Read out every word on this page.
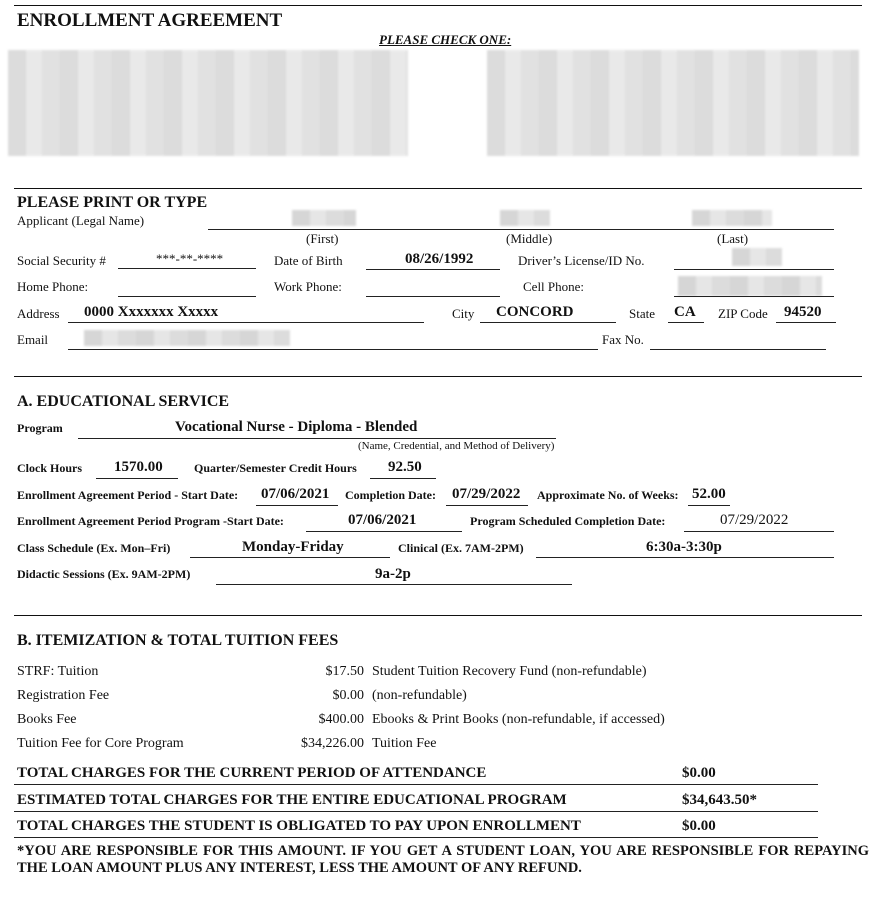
ENROLLMENT AGREEMENT
PLEASE CHECK ONE:
PLEASE PRINT OR TYPE
Applicant (Legal Name)
(First)	(Middle)	(Last)
Social Security #	***-**-****	Date of Birth	08/26/1992	Driver’s License/ID No.
Home Phone:	Work Phone:	Cell Phone:
Address 0000 Xxxxxxx Xxxxx	City CONCORD	State CA ZIP Code 94520
Email	Fax No.
A. EDUCATIONAL SERVICE
Program	Vocational Nurse - Diploma - Blended
(Name, Credential, and Method of Delivery)
Clock Hours 1570.00	Quarter/Semester Credit Hours 92.50
Enrollment Agreement Period - Start Date: 07/06/2021 Completion Date: 07/29/2022 Approximate No. of Weeks: 52.00
Enrollment Agreement Period Program -Start Date:	07/06/2021	Program Scheduled Completion Date:	07/29/2022
Class Schedule (Ex. Mon–Fri)	Monday-Friday	Clinical (Ex. 7AM-2PM)	6:30a-3:30p
Didactic Sessions (Ex. 9AM-2PM)	9a-2p
B. ITEMIZATION & TOTAL TUITION FEES
STRF: Tuition	$17.50 Student Tuition Recovery Fund (non-refundable)
Registration Fee	$0.00 (non-refundable)
Books Fee	$400.00 Ebooks & Print Books (non-refundable, if accessed)
Tuition Fee for Core Program	$34,226.00 Tuition Fee
TOTAL CHARGES FOR THE CURRENT PERIOD OF ATTENDANCE	$0.00
ESTIMATED TOTAL CHARGES FOR THE ENTIRE EDUCATIONAL PROGRAM	$34,643.50*
TOTAL CHARGES THE STUDENT IS OBLIGATED TO PAY UPON ENROLLMENT	$0.00
*YOU ARE RESPONSIBLE FOR THIS AMOUNT. IF YOU GET A STUDENT LOAN, YOU ARE RESPONSIBLE FOR REPAYING THE LOAN AMOUNT PLUS ANY INTEREST, LESS THE AMOUNT OF ANY REFUND.
